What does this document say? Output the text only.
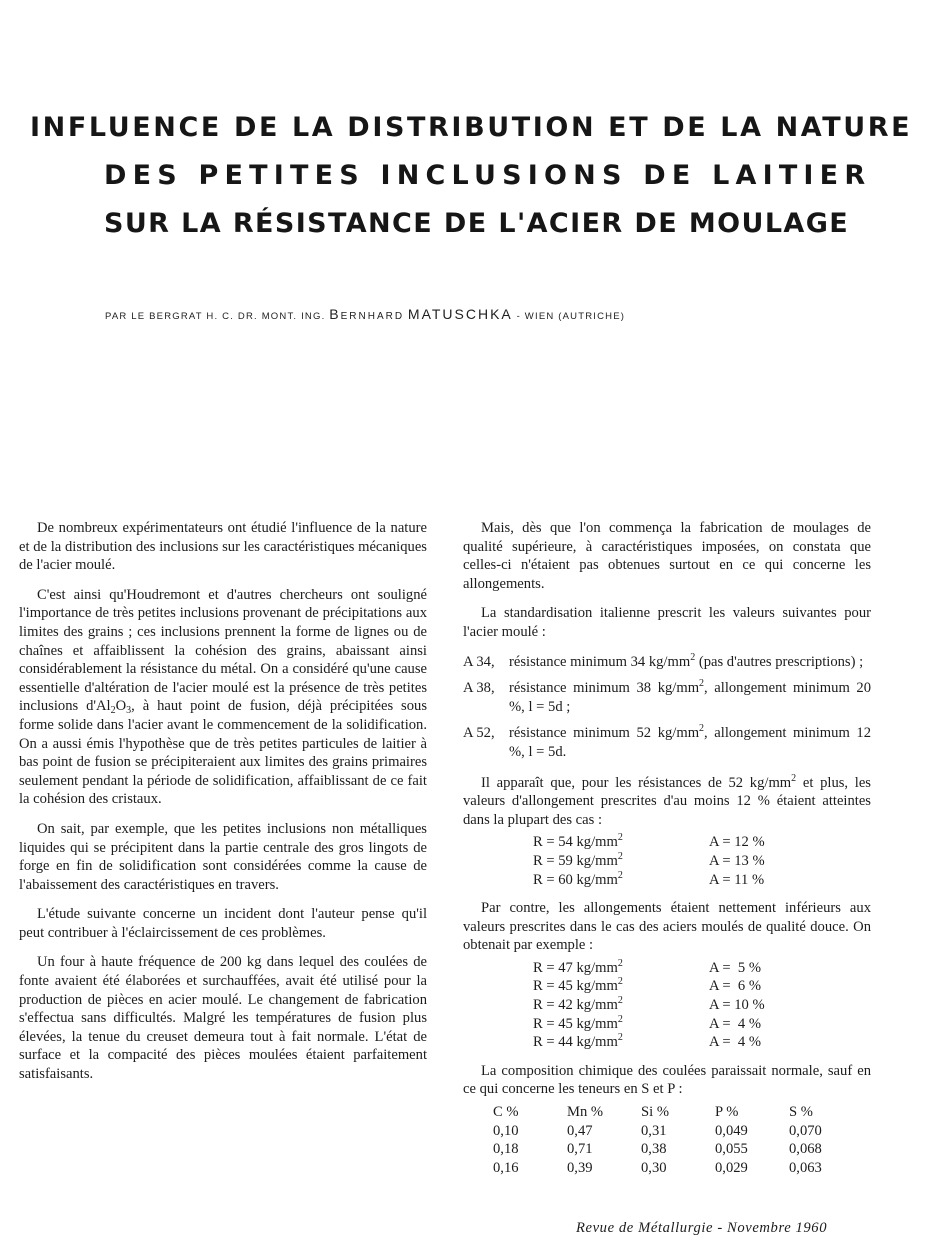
INFLUENCE DE LA DISTRIBUTION ET DE LA NATURE
DES PETITES INCLUSIONS DE LAITIER
SUR LA RÉSISTANCE DE L'ACIER DE MOULAGE
PAR LE BERGRAT H. C. DR. MONT. ING. Bernhard MATUSCHKA - WIEN (AUTRICHE)

De nombreux expérimentateurs ont étudié l'influence de la nature et de la distribution des inclusions sur les caractéristiques mécaniques de l'acier moulé.

C'est ainsi qu'Houdremont et d'autres chercheurs ont souligné l'importance de très petites inclusions provenant de précipitations aux limites des grains ; ces inclusions prennent la forme de lignes ou de chaînes et affaiblissent la cohésion des grains, abaissant ainsi considérablement la résistance du métal. On a considéré qu'une cause essentielle d'altération de l'acier moulé est la présence de très petites inclusions $d'Al_2O_3$, à haut point de fusion, déjà précipitées sous forme solide dans l'acier avant le commencement de la solidification. On a aussi émis l'hypothèse que de très petites particules de laitier à bas point de fusion se précipiteraient aux limites des grains primaires seulement pendant la période de solidification, affaiblissant de ce fait la cohésion des cristaux.

On sait, par exemple, que les petites inclusions non métalliques liquides qui se précipitent dans la partie centrale des gros lingots de forge en fin de solidification sont considérées comme la cause de l'abaissement des caractéristiques en travers.

L'étude suivante concerne un incident dont l'auteur pense qu'il peut contribuer à l'éclaircissement de ces problèmes.

Un four à haute fréquence de 200 kg dans lequel des coulées de fonte avaient été élaborées et surchauffées, avait été utilisé pour la production de pièces en acier moulé. Le changement de fabrication s'effectua sans difficultés. Malgré les températures de fusion plus élevées, la tenue du creuset demeura tout à fait normale. L'état de surface et la compacité des pièces moulées étaient parfaitement satisfaisants.

Mais, dès que l'on commença la fabrication de moulages de qualité supérieure, à caractéristiques imposées, on constata que celles-ci n'étaient pas obtenues surtout en ce qui concerne les allongements.

La standardisation italienne prescrit les valeurs suivantes pour l'acier moulé :

A 34, résistance minimum 34 $kg/mm^2$ (pas d'autres prescriptions) ;
A 38, résistance minimum 38 $kg/mm^2$, allongement minimum 20 %, l = 5d ;
A 52, résistance minimum 52 $kg/mm^2$, allongement minimum 12 %, l = 5d.

Il apparaît que, pour les résistances de 52 $kg/mm^2$ et plus, les valeurs d'allongement prescrites d'au moins 12 % étaient atteintes dans la plupart des cas :

R = 54 $kg/mm^2$	A = 12 %
R = 59 $kg/mm^2$	A = 13 %
R = 60 $kg/mm^2$	A = 11 %

Par contre, les allongements étaient nettement inférieurs aux valeurs prescrites dans le cas des aciers moulés de qualité douce. On obtenait par exemple :

R = 47 $kg/mm^2$	A =  5 %
R = 45 $kg/mm^2$	A =  6 %
R = 42 $kg/mm^2$	A = 10 %
R = 45 $kg/mm^2$	A =  4 %
R = 44 $kg/mm^2$	A =  4 %

La composition chimique des coulées paraissait normale, sauf en ce qui concerne les teneurs en S et P :

C %	Mn %	Si %	P %	S %
0,10	0,47	0,31	0,049	0,070
0,18	0,71	0,38	0,055	0,068
0,16	0,39	0,30	0,029	0,063
Revue de Métallurgie - Novembre 1960
